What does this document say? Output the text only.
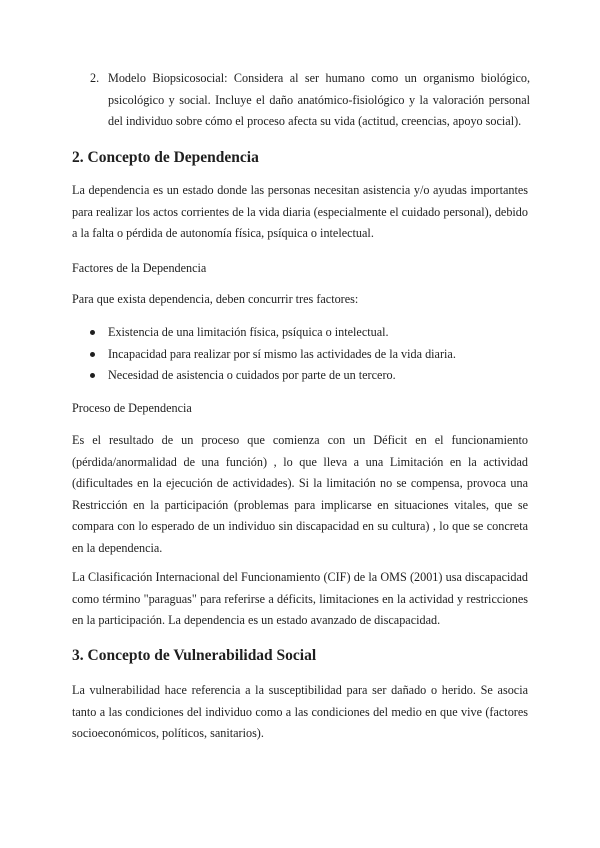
2. Modelo Biopsicosocial: Considera al ser humano como un organismo biológico, psicológico y social. Incluye el daño anatómico-fisiológico y la valoración personal del individuo sobre cómo el proceso afecta su vida (actitud, creencias, apoyo social).
2. Concepto de Dependencia

La dependencia es un estado donde las personas necesitan asistencia y/o ayudas importantes para realizar los actos corrientes de la vida diaria (especialmente el cuidado personal), debido a la falta o pérdida de autonomía física, psíquica o intelectual.

Factores de la Dependencia

Para que exista dependencia, deben concurrir tres factores:

Existencia de una limitación física, psíquica o intelectual.
Incapacidad para realizar por sí mismo las actividades de la vida diaria.
Necesidad de asistencia o cuidados por parte de un tercero.

Proceso de Dependencia

Es el resultado de un proceso que comienza con un Déficit en el funcionamiento (pérdida/anormalidad de una función) , lo que lleva a una Limitación en la actividad (dificultades en la ejecución de actividades). Si la limitación no se compensa, provoca una Restricción en la participación (problemas para implicarse en situaciones vitales, que se compara con lo esperado de un individuo sin discapacidad en su cultura) , lo que se concreta en la dependencia.

La Clasificación Internacional del Funcionamiento (CIF) de la OMS (2001) usa discapacidad como término "paraguas" para referirse a déficits, limitaciones en la actividad y restricciones en la participación. La dependencia es un estado avanzado de discapacidad.

3. Concepto de Vulnerabilidad Social

La vulnerabilidad hace referencia a la susceptibilidad para ser dañado o herido. Se asocia tanto a las condiciones del individuo como a las condiciones del medio en que vive (factores socioeconómicos, políticos, sanitarios).
